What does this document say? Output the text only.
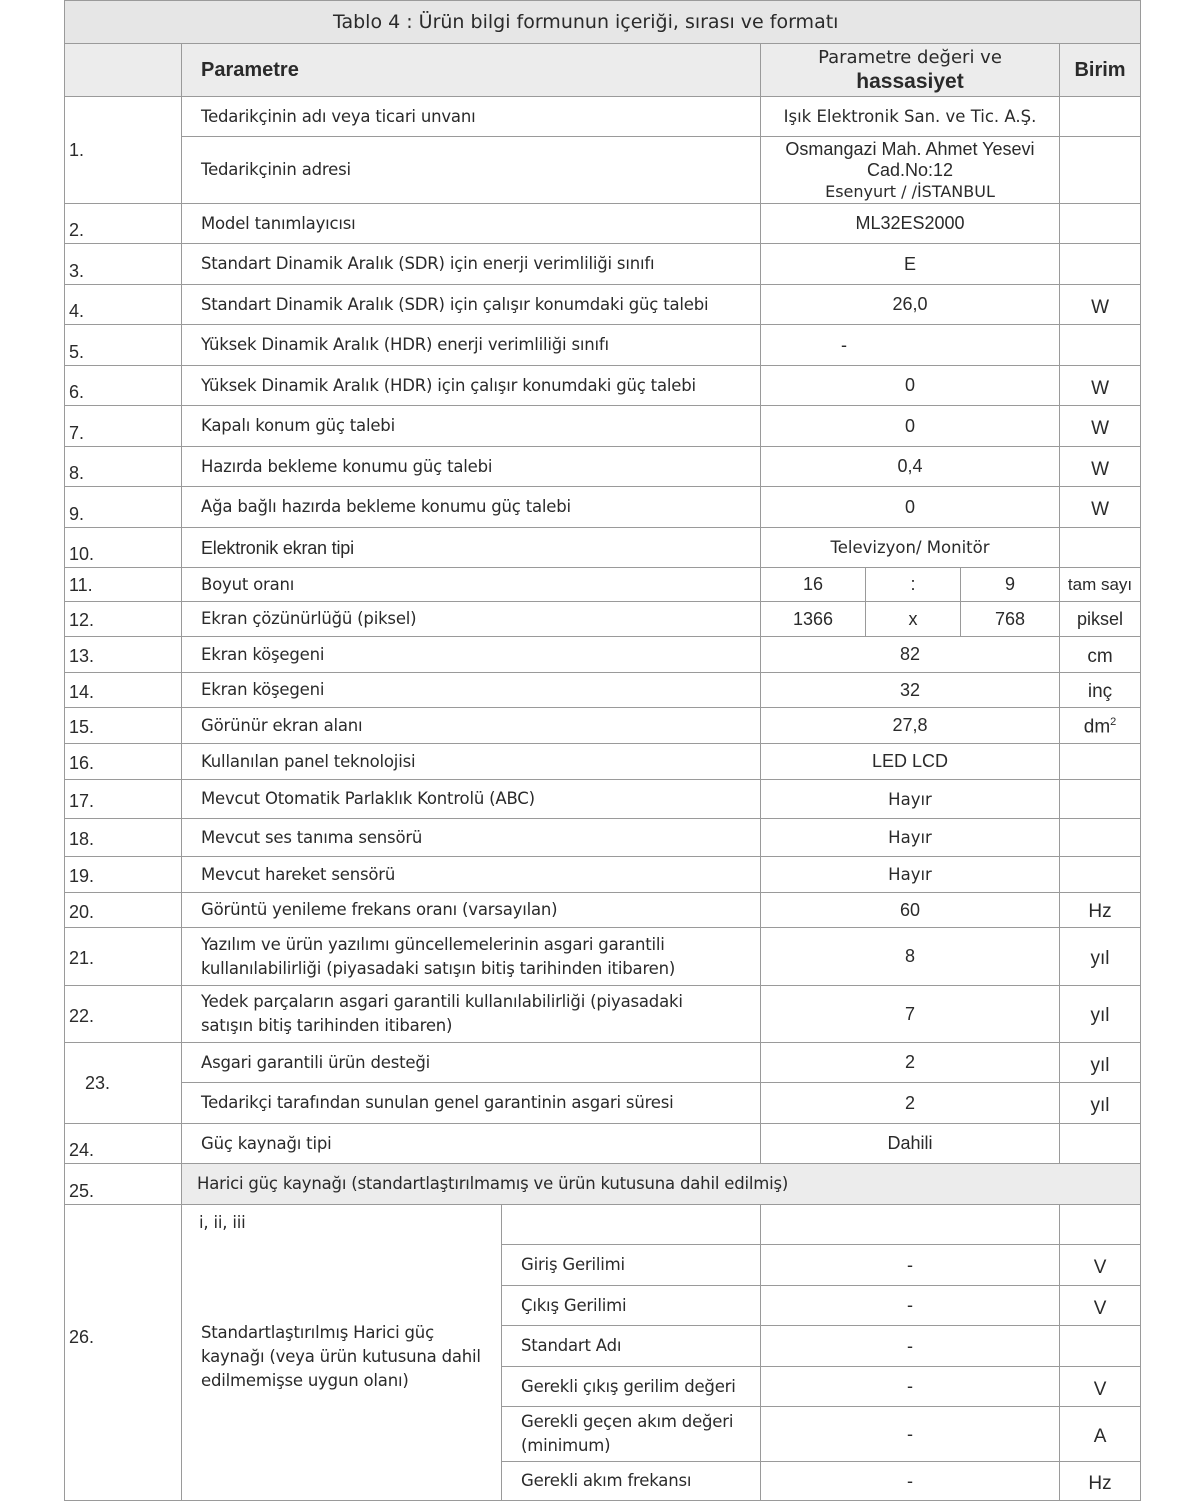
Tablo 4 : Ürün bilgi formunun içeriği, sırası ve formatı						
	Parametre		Parametre değeri ve
hassasiyet			Birim
1.	Tedarikçinin adı veya ticari unvanı		Işık Elektronik San. ve Tic. A.Ş.			
	Tedarikçinin adresi		Osmangazi Mah. Ahmet Yesevi
Cad.No:12
Esenyurt / /İSTANBUL			

2.	Model tanımlayıcısı		ML32ES2000			
3.	Standart Dinamik Aralık (SDR) için enerji verimliliği sınıfı		E			
4.	Standart Dinamik Aralık (SDR) için çalışır konumdaki güç talebi		26,0			W
5.	Yüksek Dinamik Aralık (HDR) enerji verimliliği sınıfı		-			
6.	Yüksek Dinamik Aralık (HDR) için çalışır konumdaki güç talebi		0			W
7.	Kapalı konum güç talebi		0			W
8.	Hazırda bekleme konumu güç talebi		0,4			W
9.	Ağa bağlı hazırda bekleme konumu güç talebi		0			W
10.	Elektronik ekran tipi		Televizyon/ Monitör			
11.	Boyut oranı		16	:	9	tam sayı
12.	Ekran çözünürlüğü (piksel)		1366	x	768	piksel
13.	Ekran köşegeni		82			cm
14.	Ekran köşegeni		32			inç
15.	Görünür ekran alanı		27,8			$dm^2$
16.	Kullanılan panel teknolojisi		LED LCD			
17.	Mevcut Otomatik Parlaklık Kontrolü (ABC)		Hayır			
18.	Mevcut ses tanıma sensörü		Hayır			
19.	Mevcut hareket sensörü		Hayır			
20.	Görüntü yenileme frekans oranı (varsayılan)		60			Hz
21.	Yazılım ve ürün yazılımı güncellemelerinin asgari garantili
kullanılabilirliği (piyasadaki satışın bitiş tarihinden itibaren)		8			yıl
22.	Yedek parçaların asgari garantili kullanılabilirliği (piyasadaki
satışın bitiş tarihinden itibaren)		7			yıl
23.	Asgari garantili ürün desteği		2			yıl
	Tedarikçi tarafından sunulan genel garantinin asgari süresi		2			yıl
24.	Güç kaynağı tipi		Dahili			
25.	Harici güç kaynağı (standartlaştırılmamış ve ürün kutusuna dahil edilmiş)					

26.	i, ii, iii
Standartlaştırılmış Harici güç
kaynağı (veya ürün kutusuna dahil
edilmemişse uygun olanı)					

		Giriş Gerilimi	-			V
		Çıkış Gerilimi	-			V
		Standart Adı	-			
		Gerekli çıkış gerilim değeri	-			V

		Gerekli geçen akım değeri
(minimum)	-			A
		Gerekli akım frekansı	-			Hz
